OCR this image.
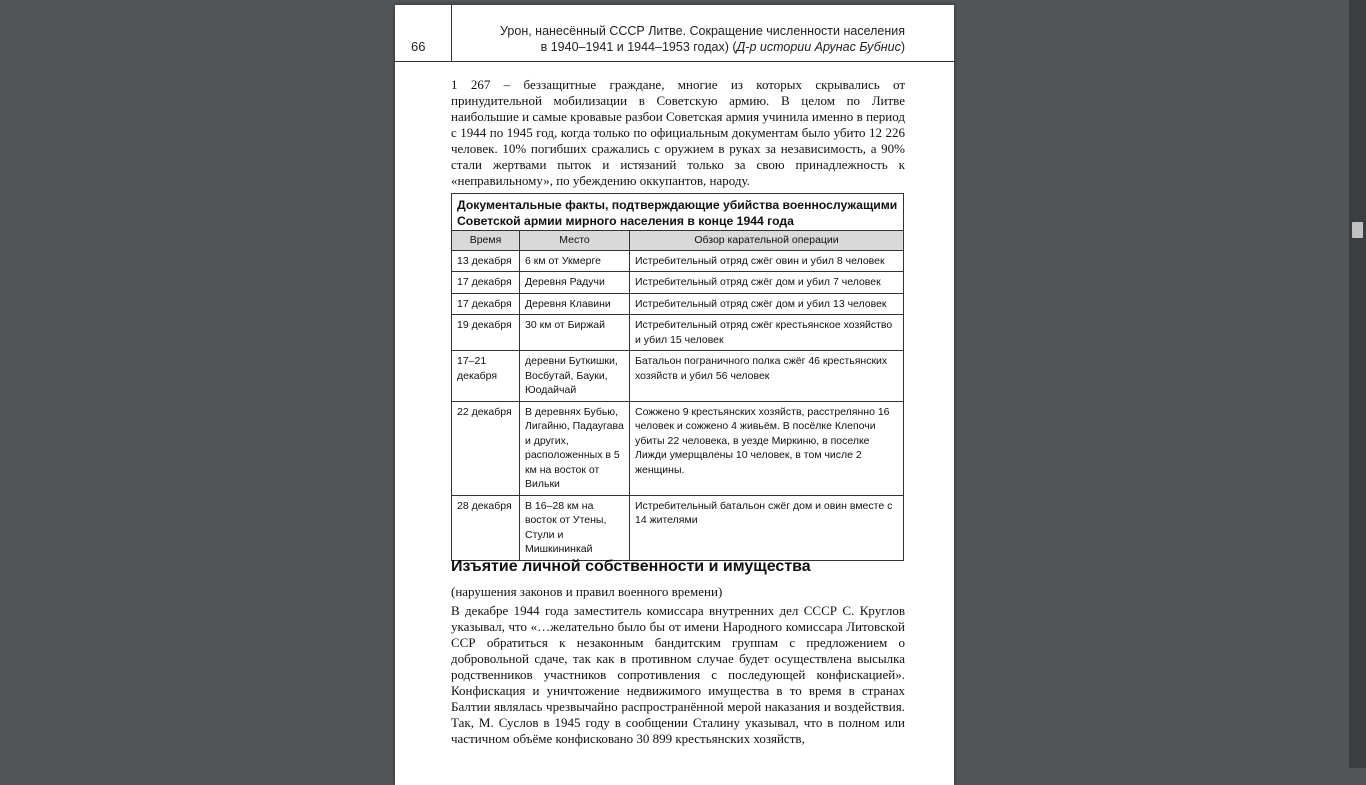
66
Урон, нанесённый СССР Литве. Сокращение численности населения
в 1940–1941 и 1944–1953 годах) (Д-р истории Арунас Бубнис)

1 267 – беззащитные граждане, многие из которых скрывались от принудительной мобилизации в Советскую армию. В целом по Литве наибольшие и самые кровавые разбои Советская армия учинила именно в период с 1944 по 1945 год, когда только по официальным документам было убито 12 226 человек. 10% погибших сражались с оружием в руках за независимость, а 90% стали жертвами пыток и истязаний только за свою принадлежность к «неправильному», по убеждению оккупантов, народу.

Документальные факты, подтверждающие убийства военнослужащими Советской армии мирного населения в конце 1944 года		
Время	Место	Обзор карательной операции
13 декабря	6 км от Укмерге	Истребительный отряд сжёг овин и убил 8 человек
17 декабря	Деревня Радучи	Истребительный отряд сжёг дом и убил 7 человек
17 декабря	Деревня Клавини	Истребительный отряд сжёг дом и убил 13 человек
19 декабря	30 км от Биржай	Истребительный отряд сжёг крестьянское хозяйство и убил 15 человек
17–21 декабря	деревни Буткишки, Восбутай, Бауки, Юодайчай	Батальон пограничного полка сжёг 46 крестьянских хозяйств и убил 56 человек
22 декабря	В деревнях Бубью, Лигайню, Падаугава и других, расположенных в 5 км на восток от Вильки	Сожжено 9 крестьянских хозяйств, расстрелянно 16 человек и сожжено 4 живьём. В посёлке Клепочи убиты 22 человека, в уезде Миркиню, в поселке Лижди умерщвлены 10 человек, в том числе 2 женщины.
28 декабря	В 16–28 км на восток от Утены, Стули и Мишкининкай	Истребительный батальон сжёг дом и овин вместе с 14 жителями
Изъятие личной собственности и имущества

(нарушения законов и правил военного времени)

В декабре 1944 года заместитель комиссара внутренних дел СССР С. Круглов указывал, что «…желательно было бы от имени Народного комиссара Литовской ССР обратиться к незаконным бандитским группам с предложением о добровольной сдаче, так как в противном случае будет осуществлена высылка родственников участников сопротивления с последующей конфискацией». Конфискация и уничтожение недвижимого имущества в то время в странах Балтии являлась чрезвычайно распространённой мерой наказания и воздействия. Так, М. Суслов в 1945 году в сообщении Сталину указывал, что в полном или частичном объёме конфисковано 30 899 крестьянских хозяйств,
